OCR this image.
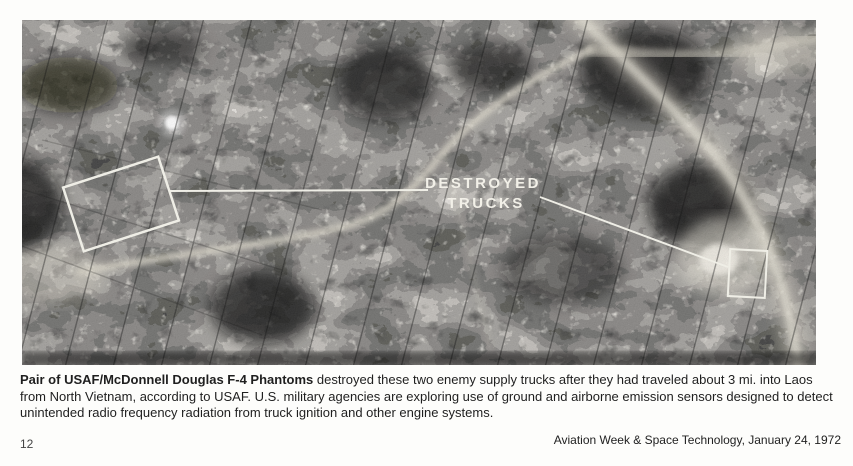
DESTROYED
TRUCKS

Pair of USAF/McDonnell Douglas F-4 Phantoms destroyed these two enemy supply trucks after they had traveled about 3 mi. into Laos from North Vietnam, according to USAF. U.S. military agencies are exploring use of ground and airborne emission sensors designed to detect unintended radio frequency radiation from truck ignition and other engine systems.

12	Aviation Week & Space Technology, January 24, 1972
